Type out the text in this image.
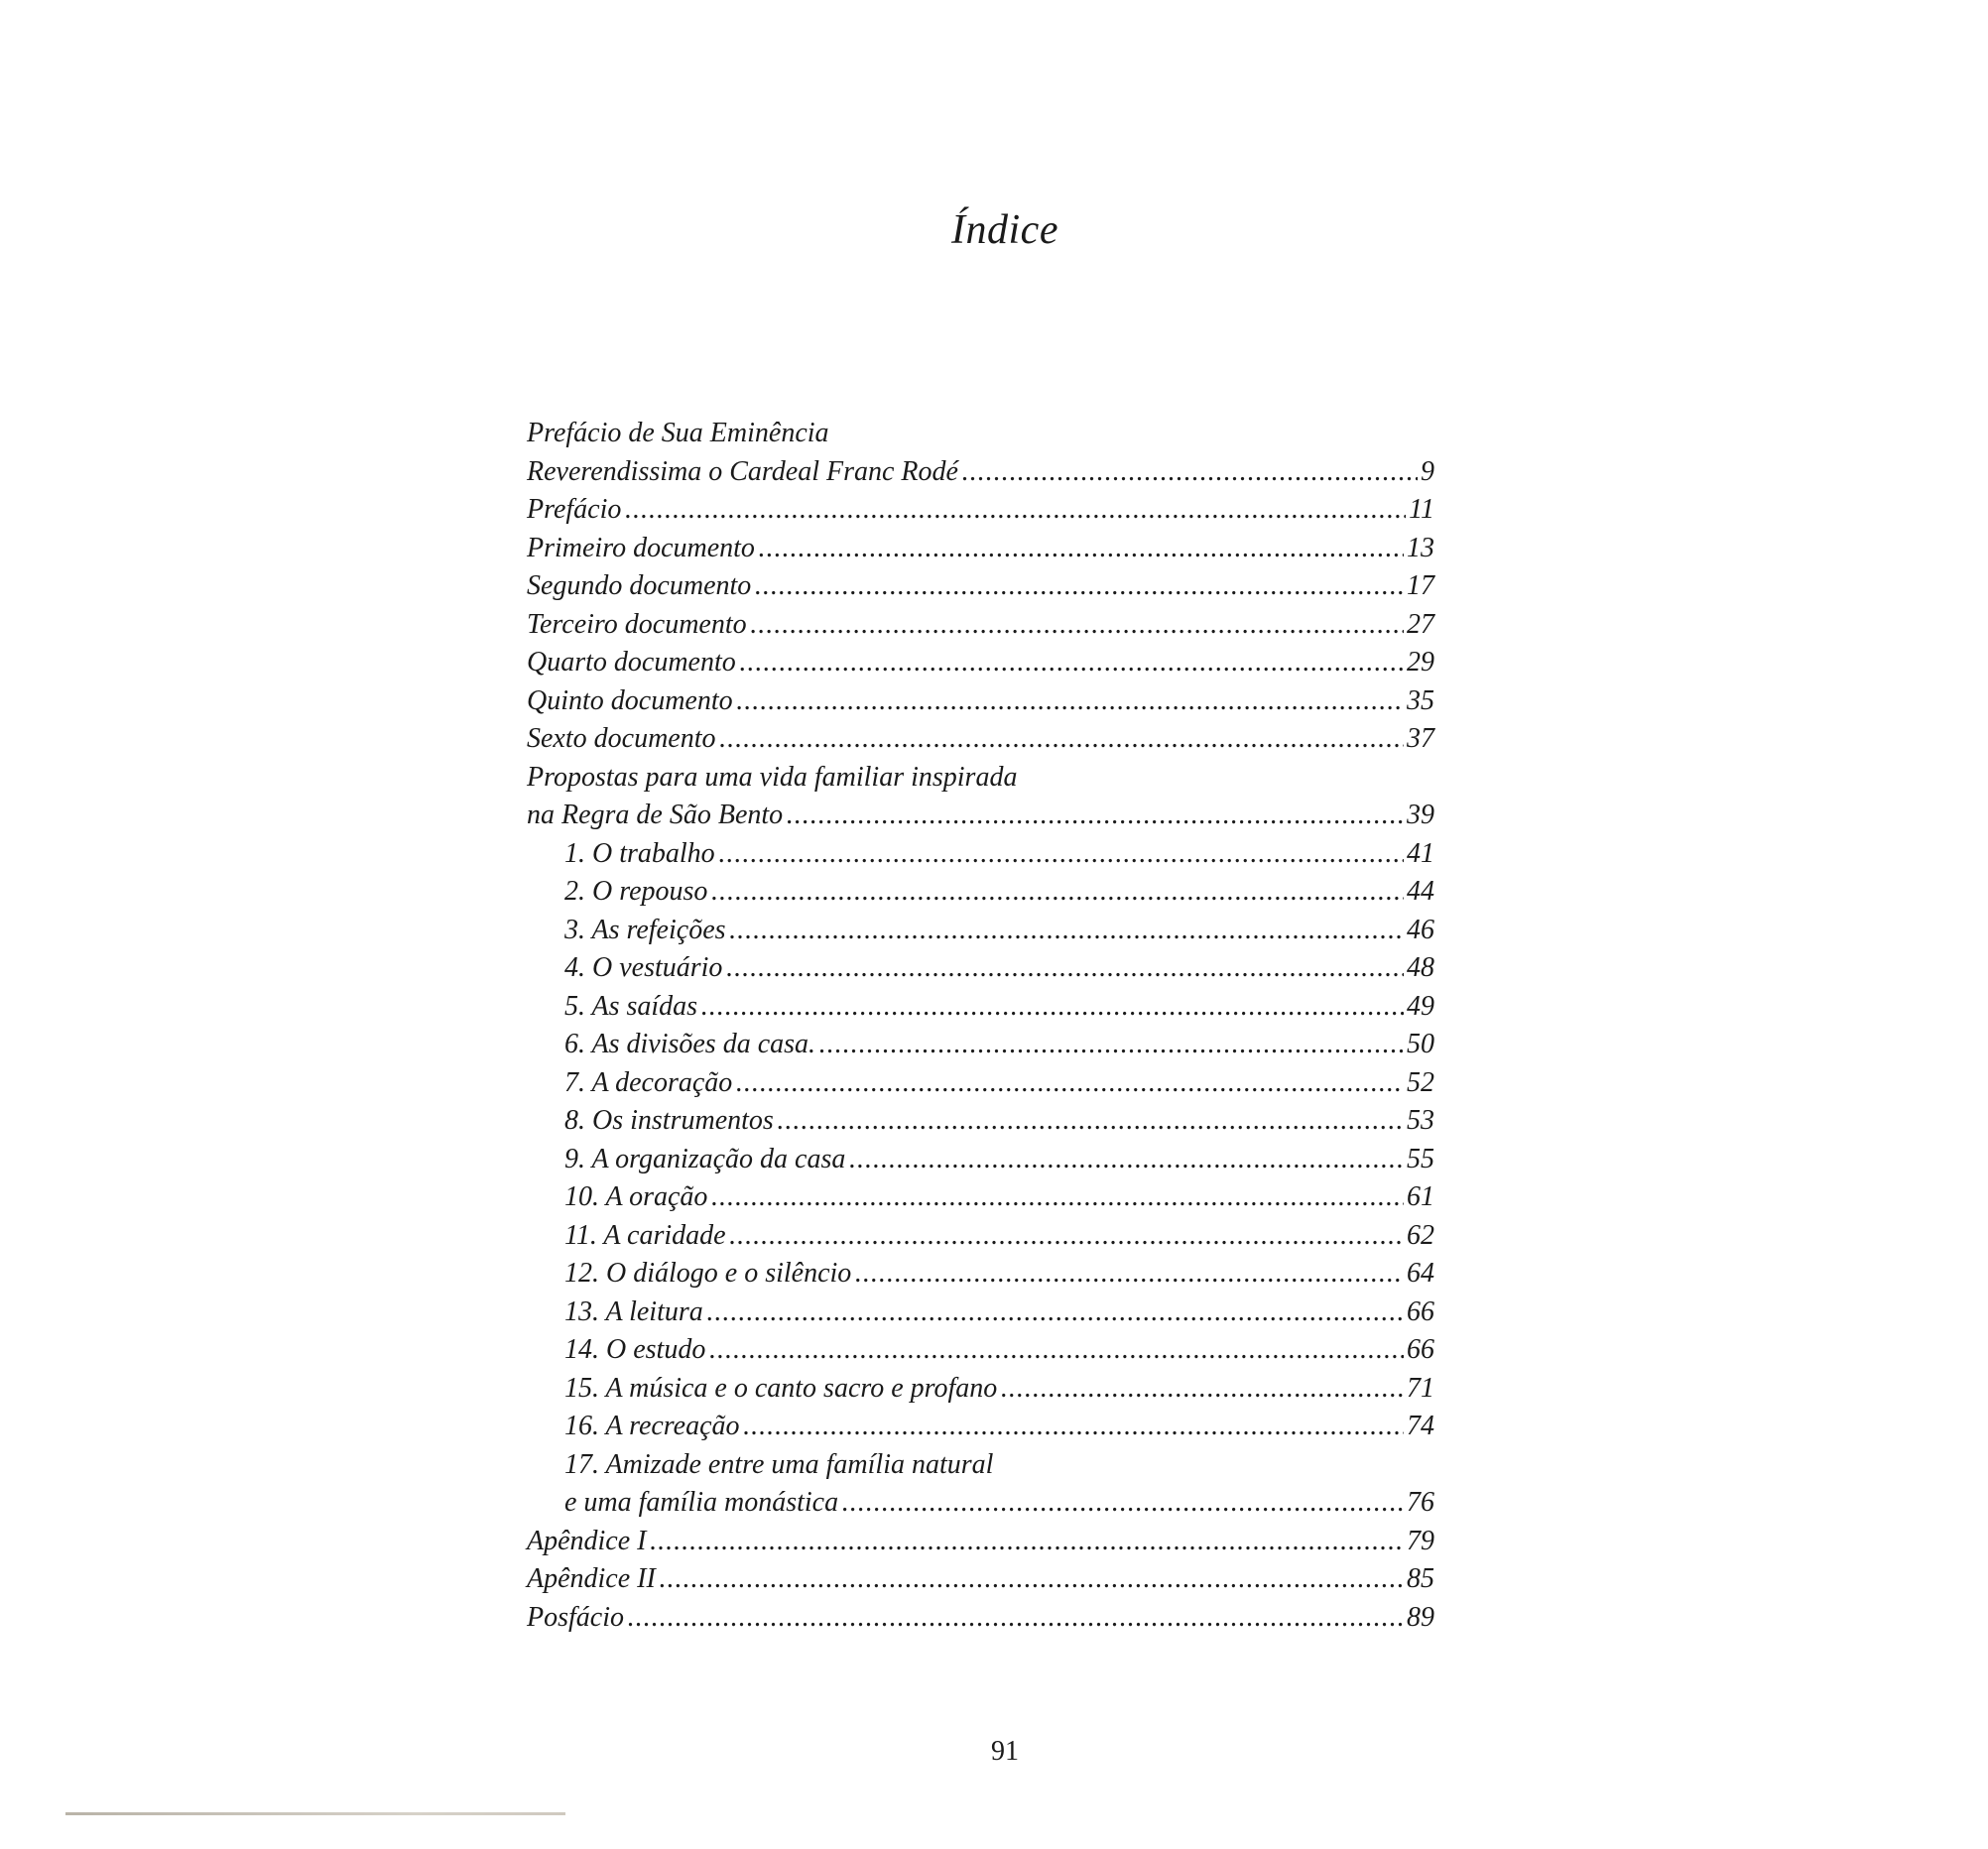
Índice
Prefácio de Sua Eminência
Reverendissima o Cardeal Franc Rodé .....	9
Prefácio .....	11
Primeiro documento .....	13
Segundo documento .....	17
Terceiro documento .....	27
Quarto documento .....	29
Quinto documento .....	35
Sexto documento .....	37
Propostas para uma vida familiar inspirada
na Regra de São Bento .....	39
1. O trabalho .....	41
2. O repouso .....	44
3. As refeições .....	46
4. O vestuário .....	48
5. As saídas .....	49
6. As divisões da casa. .....	50
7. A decoração .....	52
8. Os instrumentos .....	53
9. A organização da casa .....	55
10. A oração .....	61
11. A caridade .....	62
12. O diálogo e o silêncio .....	64
13. A leitura .....	66
14. O estudo .....	66
15. A música e o canto sacro e profano .....	71
16. A recreação .....	74
17. Amizade entre uma família natural
e uma família monástica .....	76
Apêndice I .....	79
Apêndice II .....	85
Posfácio .....	89
91
